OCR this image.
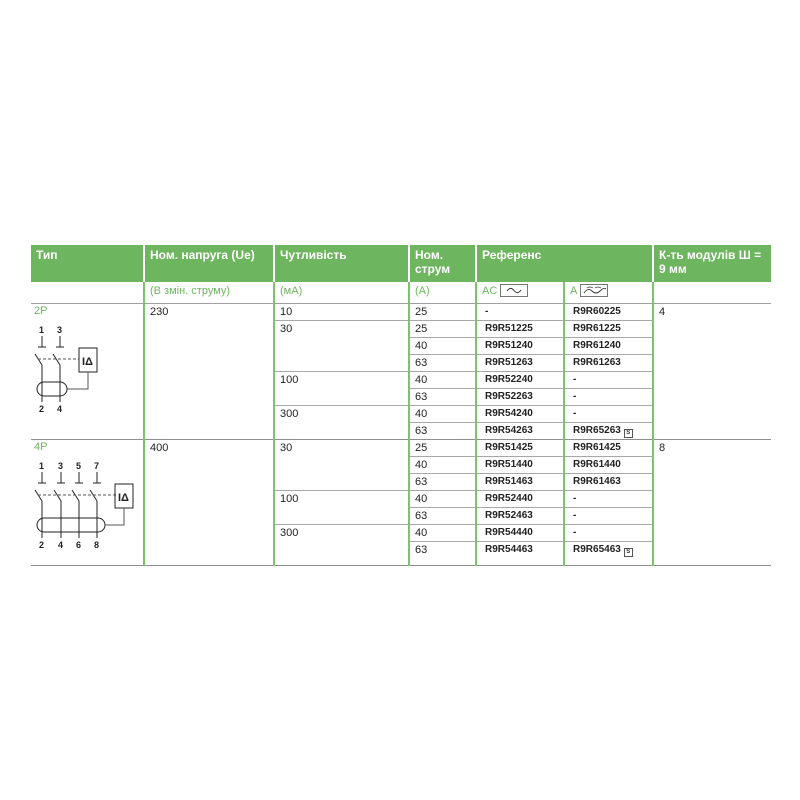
Тип	Ном. напруга (Ue)	Чутливість	Ном. струм	Референс		К-ть модулів Ш = 9 мм
	(В змін. струму)	(мА)	(А)	AC	A

2P
1 3
2 4
IΔ
	230	10	25	-	R9R60225	4
		30	25	R9R51225	R9R61225	
			40	R9R51240	R9R61240	
			63	R9R51263	R9R61263	
		100	40	R9R52240	-	
			63	R9R52263	-	
		300	40	R9R54240	-	
			63	R9R54263	R9R65263 S	

4P
1 3 5 7
2 4 6 8
IΔ
	400	30	25	R9R51425	R9R61425	8
			40	R9R51440	R9R61440	
			63	R9R51463	R9R61463	
		100	40	R9R52440	-	
			63	R9R52463	-	
		300	40	R9R54440	-	
			63	R9R54463	R9R65463 S	
